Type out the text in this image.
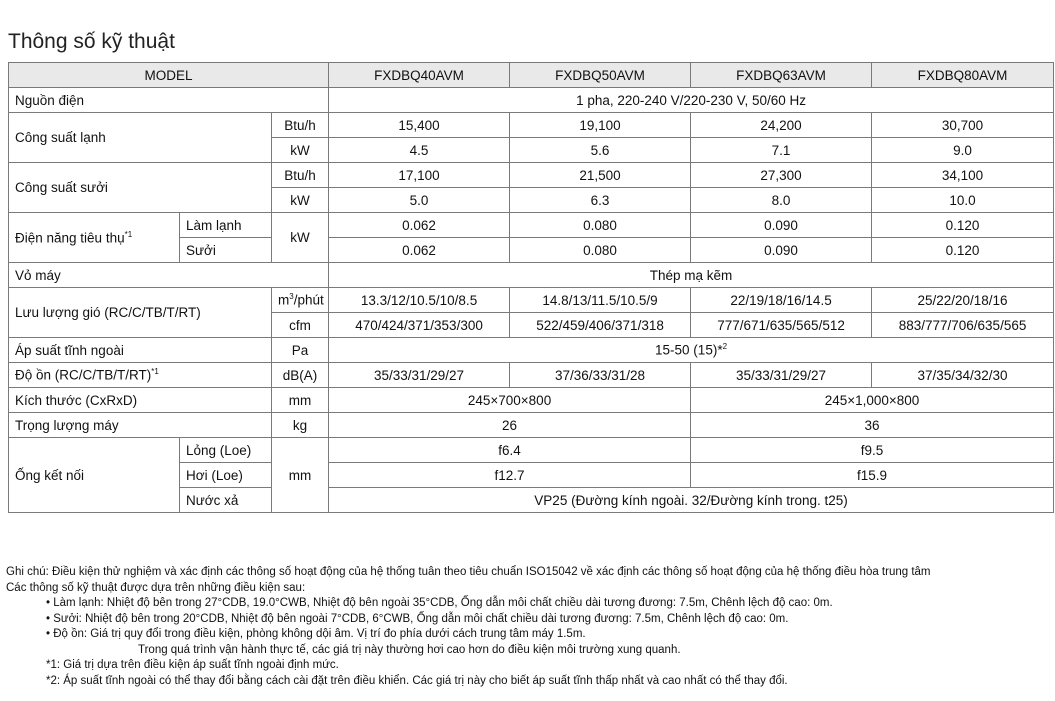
Thông số kỹ thuật
MODEL			FXDBQ40AVM	FXDBQ50AVM	FXDBQ63AVM	FXDBQ80AVM
Nguồn điện			1 pha, 220-240 V/220-230 V, 50/60 Hz			
Công suất lạnh		Btu/h	15,400	19,100	24,200	30,700
		kW	4.5	5.6	7.1	9.0
Công suất sưởi		Btu/h	17,100	21,500	27,300	34,100
		kW	5.0	6.3	8.0	10.0
Điện năng tiêu thụ$^{*1}$	Làm lạnh	kW	0.062	0.080	0.090	0.120
	Sưởi		0.062	0.080	0.090	0.120
Vỏ máy			Thép mạ kẽm			
Lưu lượng gió (RC/C/TB/T/RT)		$m^3$/phút	13.3/12/10.5/10/8.5	14.8/13/11.5/10.5/9	22/19/18/16/14.5	25/22/20/18/16
		cfm	470/424/371/353/300	522/459/406/371/318	777/671/635/565/512	883/777/706/635/565
Áp suất tĩnh ngoài		Pa	15-50 (15)*$^2$
Độ ồn $(RC/C/TB/T/RT)^{*1}$		dB(A)	35/33/31/29/27	37/36/33/31/28	35/33/31/29/27	37/35/34/32/30
Kích thước (CxRxD)		mm	245×700×800		245×1,000×800	
Trọng lượng máy		kg	26		36	
Ống kết nối	Lỏng (Loe)	mm	f6.4		f9.5	
	Hơi (Loe)		f12.7		f15.9	
	Nước xả		VP25 (Đường kính ngoài. 32/Đường kính trong. t25)			
Ghi chú: Điều kiện thử nghiệm và xác định các thông số hoạt động của hệ thống tuân theo tiêu chuẩn ISO15042 về xác định các thông số hoạt động của hệ thống điều hòa trung tâm
Các thông số kỹ thuật được dựa trên những điều kiện sau:
• Làm lạnh: Nhiệt độ bên trong 27°CDB, 19.0°CWB, Nhiệt độ bên ngoài 35°CDB, Ống dẫn môi chất chiều dài tương đương: 7.5m, Chênh lệch độ cao: 0m.
• Sưởi: Nhiệt độ bên trong 20°CDB, Nhiệt độ bên ngoài 7°CDB, 6°CWB, Ống dẫn môi chất chiều dài tương đương: 7.5m, Chênh lệch độ cao: 0m.
• Độ ồn: Giá trị quy đổi trong điều kiện, phòng không dội âm. Vị trí đo phía dưới cách trung tâm máy 1.5m.
Trong quá trình vận hành thực tế, các giá trị này thường hơi cao hơn do điều kiện môi trường xung quanh.
*1: Giá trị dựa trên điều kiện áp suất tĩnh ngoài định mức.
*2: Áp suất tĩnh ngoài có thể thay đổi bằng cách cài đặt trên điều khiển. Các giá trị này cho biết áp suất tĩnh thấp nhất và cao nhất có thể thay đổi.
